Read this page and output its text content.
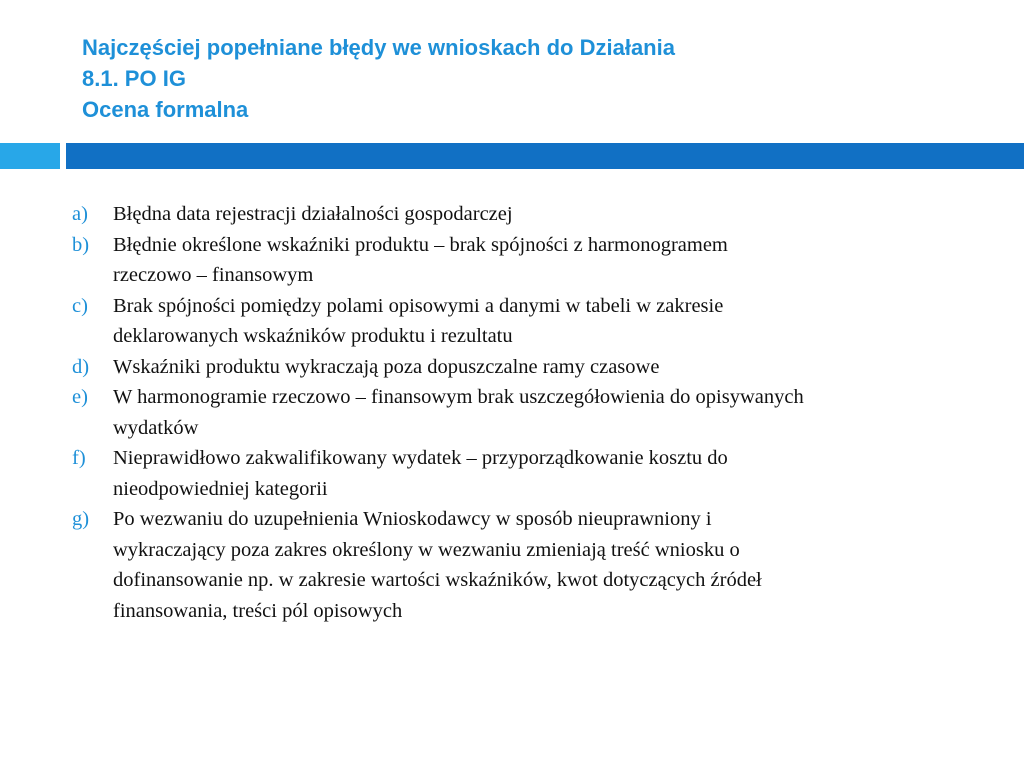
Najczęściej popełniane błędy we wnioskach do Działania
8.1. PO IG
Ocena formalna
a) Błędna data rejestracji działalności gospodarczej
b) Błędnie określone wskaźniki produktu – brak spójności z harmonogramem
rzeczowo – finansowym
c) Brak spójności pomiędzy polami opisowymi a danymi w tabeli w zakresie
deklarowanych wskaźników produktu i rezultatu
d) Wskaźniki produktu wykraczają poza dopuszczalne ramy czasowe
e) W harmonogramie rzeczowo – finansowym brak uszczegółowienia do opisywanych
wydatków
f) Nieprawidłowo zakwalifikowany wydatek – przyporządkowanie kosztu do
nieodpowiedniej kategorii
g) Po wezwaniu do uzupełnienia Wnioskodawcy w sposób nieuprawniony i
wykraczający poza zakres określony w wezwaniu zmieniają treść wniosku o
dofinansowanie np. w zakresie wartości wskaźników, kwot dotyczących źródeł
finansowania, treści pól opisowych
